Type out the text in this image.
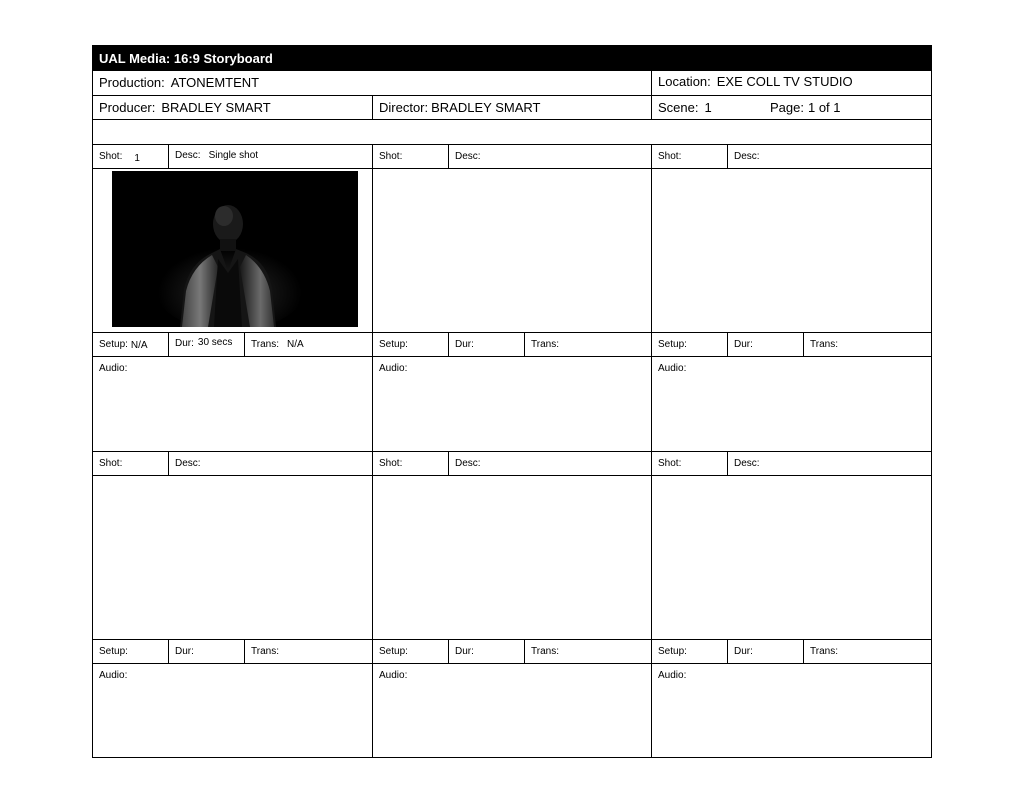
UAL Media: 16:9 Storyboard
Production: ATONEMTENT	Location: EXE COLL TV STUDIO
Producer: BRADLEY SMART	Director: BRADLEY SMART	Scene: 1	Page: 1 of 1
Shot: 1	Desc: Single shot
Setup: N/A	Dur: 30 secs Trans: N/A
Audio:
Shot:	Desc:
Setup:	Dur:	Trans:
Audio:
Shot:	Desc:
Setup:	Dur:	Trans:
Audio:
Shot:	Desc:
Setup:	Dur:	Trans:
Audio:
Shot:	Desc:
Setup:	Dur:	Trans:
Audio:
Shot:	Desc:
Setup:	Dur:	Trans:
Audio:
